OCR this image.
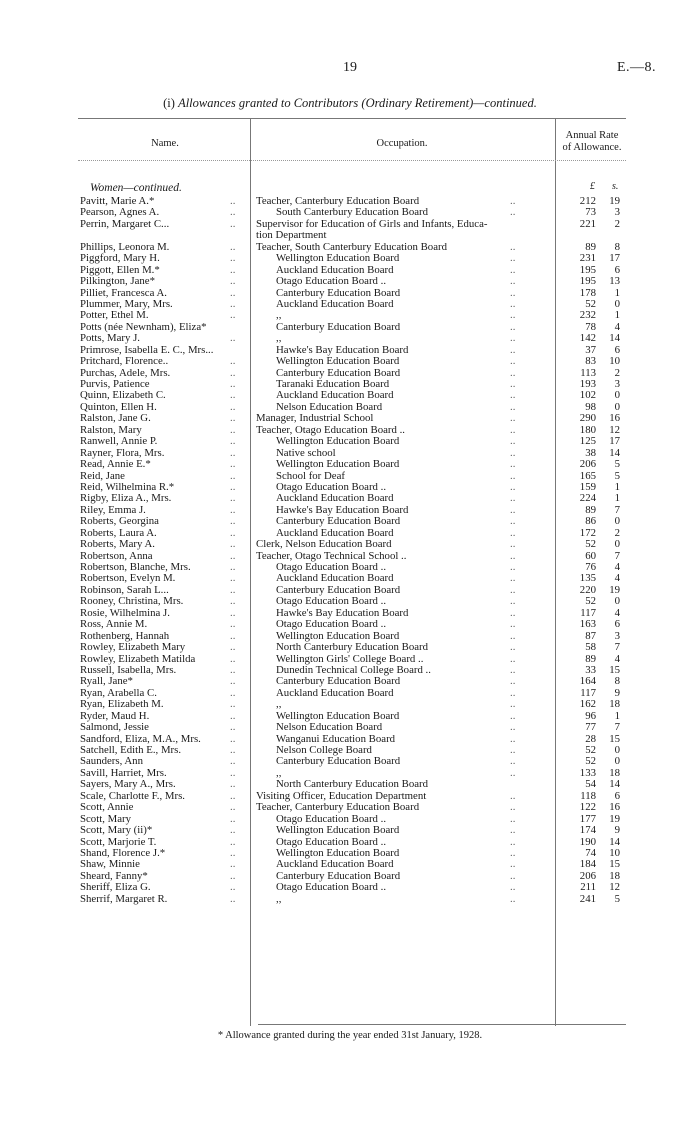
19	E.—8.
(i) Allowances granted to Contributors (Ordinary Retirement)—continued.
Name.	Occupation.
Annual Rate
of Allowance.
Women—continued.	£ s.
Pavitt, Marie A.*	.. Teacher, Canterbury Education Board	..	212	19
Pearson, Agnes A.	..	South Canterbury Education Board	..	73	3
Perrin, Margaret C...	.. Supervisor for Education of Girls and Infants, Educa-	221	2
tion Department
Phillips, Leonora M.	.. Teacher, South Canterbury Education Board	..	89	8
Piggford, Mary H.	..	Wellington Education Board	..	231	17
Piggott, Ellen M.*	..	Auckland Education Board	..	195	6
Pilkington, Jane*	..	Otago Education Board ..	..	195	13
Pilliet, Francesca A.	..	Canterbury Education Board	..	178	1
Plummer, Mary, Mrs.	..	Auckland Education Board	..	52	0
Potter, Ethel M.	..	,,	..	232	1
Potts (née Newnham), Eliza*	Canterbury Education Board	..	78	4
Potts, Mary J.	..	,,	..	142	14
Primrose, Isabella E. C., Mrs...	Hawke's Bay Education Board	..	37	6
Pritchard, Florence..	..	Wellington Education Board	..	83	10
Purchas, Adele, Mrs.	..	Canterbury Education Board	..	113	2
Purvis, Patience	..	Taranaki Education Board	..	193	3
Quinn, Elizabeth C.	..	Auckland Education Board	..	102	0
Quinton, Ellen H.	..	Nelson Education Board	..	98	0
Ralston, Jane G.	.. Manager, Industrial School	..	290	16
Ralston, Mary	.. Teacher, Otago Education Board ..	..	180	12
Ranwell, Annie P.	..	Wellington Education Board	..	125	17
Rayner, Flora, Mrs.	..	Native school	..	38	14
Read, Annie E.*	..	Wellington Education Board	..	206	5
Reid, Jane	..	School for Deaf	..	165	5
Reid, Wilhelmina R.*	..	Otago Education Board ..	..	159	1
Rigby, Eliza A., Mrs.	..	Auckland Education Board	..	224	1
Riley, Emma J.	..	Hawke's Bay Education Board	..	89	7
Roberts, Georgina	..	Canterbury Education Board	..	86	0
Roberts, Laura A.	..	Auckland Education Board	..	172	2
Roberts, Mary A.	.. Clerk, Nelson Education Board	..	52	0
Robertson, Anna	.. Teacher, Otago Technical School ..	..	60	7
Robertson, Blanche, Mrs.	..	Otago Education Board ..	..	76	4
Robertson, Evelyn M.	..	Auckland Education Board	..	135	4
Robinson, Sarah L...	..	Canterbury Education Board	..	220	19
Rooney, Christina, Mrs.	..	Otago Education Board ..	..	52	0
Rosie, Wilhelmina J.	..	Hawke's Bay Education Board	..	117	4
Ross, Annie M.	..	Otago Education Board ..	..	163	6
Rothenberg, Hannah	..	Wellington Education Board	..	87	3
Rowley, Elizabeth Mary	..	North Canterbury Education Board	..	58	7
Rowley, Elizabeth Matilda	..	Wellington Girls' College Board ..	..	89	4
Russell, Isabella, Mrs.	..	Dunedin Technical College Board ..	..	33	15
Ryall, Jane*	..	Canterbury Education Board	..	164	8
Ryan, Arabella C.	..	Auckland Education Board	..	117	9
Ryan, Elizabeth M.	..	,,	..	162	18
Ryder, Maud H.	..	Wellington Education Board	..	96	1
Salmond, Jessie	..	Nelson Education Board	..	77	7
Sandford, Eliza, M.A., Mrs.	..	Wanganui Education Board	..	28	15
Satchell, Edith E., Mrs.	..	Nelson College Board	..	52	0
Saunders, Ann	..	Canterbury Education Board	..	52	0
Savill, Harriet, Mrs.	..	,,	..	133	18
Sayers, Mary A., Mrs.	..	North Canterbury Education Board	54	14
Scale, Charlotte F., Mrs.	.. Visiting Officer, Education Department	..	118	6
Scott, Annie	.. Teacher, Canterbury Education Board	..	122	16
Scott, Mary	..	Otago Education Board ..	..	177	19
Scott, Mary (ii)*	..	Wellington Education Board	..	174	9
Scott, Marjorie T.	..	Otago Education Board ..	..	190	14
Shand, Florence J.*	..	Wellington Education Board	..	74	10
Shaw, Minnie	..	Auckland Education Board	..	184	15
Sheard, Fanny*	..	Canterbury Education Board	..	206	18
Sheriff, Eliza G.	..	Otago Education Board ..	..	211	12
Sherrif, Margaret R.	..	,,	..	241	5
* Allowance granted during the year ended 31st January, 1928.
